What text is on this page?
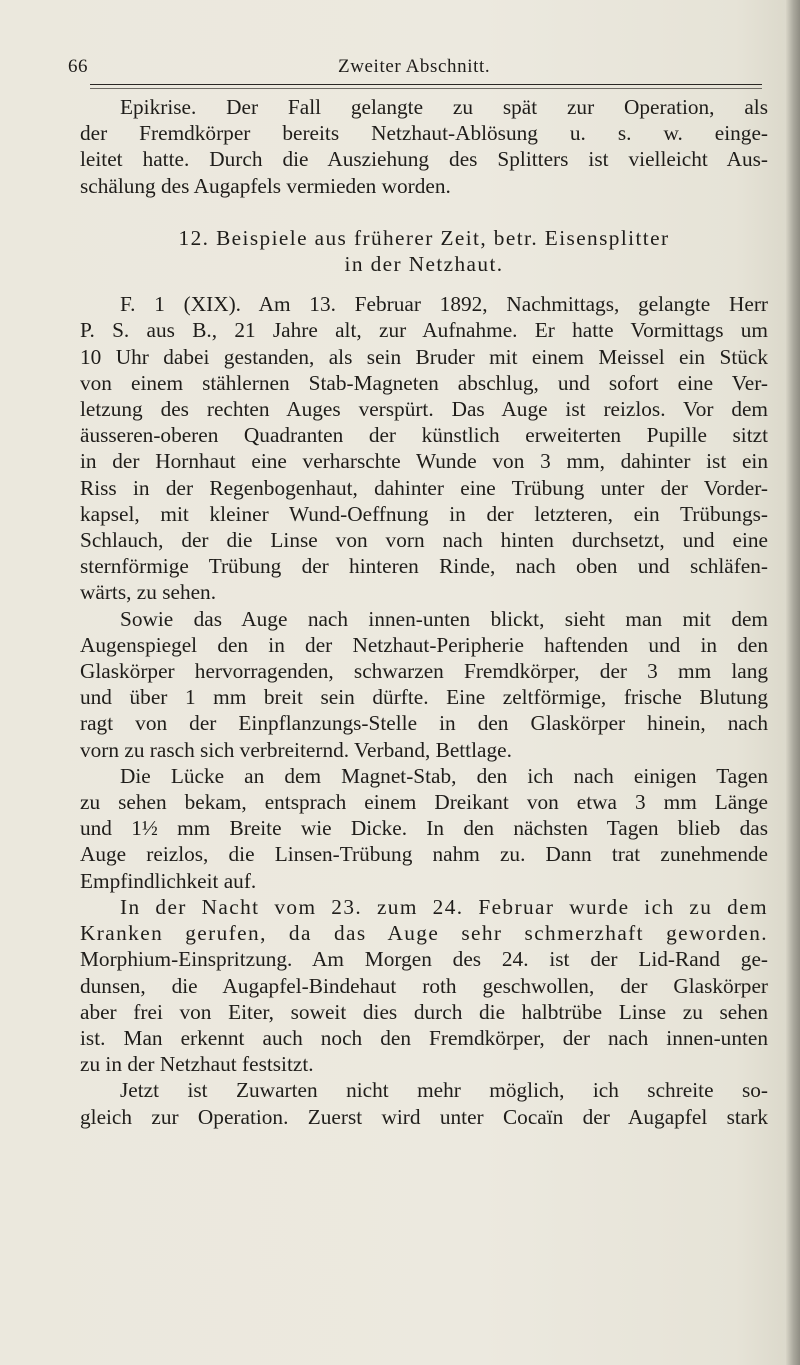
66	Zweiter Abschnitt.
Epikrise. Der Fall gelangte zu spät zur Operation, als
der Fremdkörper bereits Netzhaut-Ablösung u. s. w. einge-
leitet hatte. Durch die Ausziehung des Splitters ist vielleicht Aus-
schälung des Augapfels vermieden worden.
12. Beispiele aus früherer Zeit, betr. Eisensplitter
in der Netzhaut.
F. 1 (XIX). Am 13. Februar 1892, Nachmittags, gelangte Herr
P. S. aus B., 21 Jahre alt, zur Aufnahme. Er hatte Vormittags um
10 Uhr dabei gestanden, als sein Bruder mit einem Meissel ein Stück
von einem stählernen Stab-Magneten abschlug, und sofort eine Ver-
letzung des rechten Auges verspürt. Das Auge ist reizlos. Vor dem
äusseren-oberen Quadranten der künstlich erweiterten Pupille sitzt
in der Hornhaut eine verharschte Wunde von 3 mm, dahinter ist ein
Riss in der Regenbogenhaut, dahinter eine Trübung unter der Vorder-
kapsel, mit kleiner Wund-Oeffnung in der letzteren, ein Trübungs-
Schlauch, der die Linse von vorn nach hinten durchsetzt, und eine
sternförmige Trübung der hinteren Rinde, nach oben und schläfen-
wärts, zu sehen.
Sowie das Auge nach innen-unten blickt, sieht man mit dem
Augenspiegel den in der Netzhaut-Peripherie haftenden und in den
Glaskörper hervorragenden, schwarzen Fremdkörper, der 3 mm lang
und über 1 mm breit sein dürfte. Eine zeltförmige, frische Blutung
ragt von der Einpflanzungs-Stelle in den Glaskörper hinein, nach
vorn zu rasch sich verbreiternd. Verband, Bettlage.
Die Lücke an dem Magnet-Stab, den ich nach einigen Tagen
zu sehen bekam, entsprach einem Dreikant von etwa 3 mm Länge
und 1½ mm Breite wie Dicke. In den nächsten Tagen blieb das
Auge reizlos, die Linsen-Trübung nahm zu. Dann trat zunehmende
Empfindlichkeit auf.
In der Nacht vom 23. zum 24. Februar wurde ich zu dem
Kranken gerufen, da das Auge sehr schmerzhaft geworden.
Morphium-Einspritzung. Am Morgen des 24. ist der Lid-Rand ge-
dunsen, die Augapfel-Bindehaut roth geschwollen, der Glaskörper
aber frei von Eiter, soweit dies durch die halbtrübe Linse zu sehen
ist. Man erkennt auch noch den Fremdkörper, der nach innen-unten
zu in der Netzhaut festsitzt.
Jetzt ist Zuwarten nicht mehr möglich, ich schreite so-
gleich zur Operation. Zuerst wird unter Cocaïn der Augapfel stark
